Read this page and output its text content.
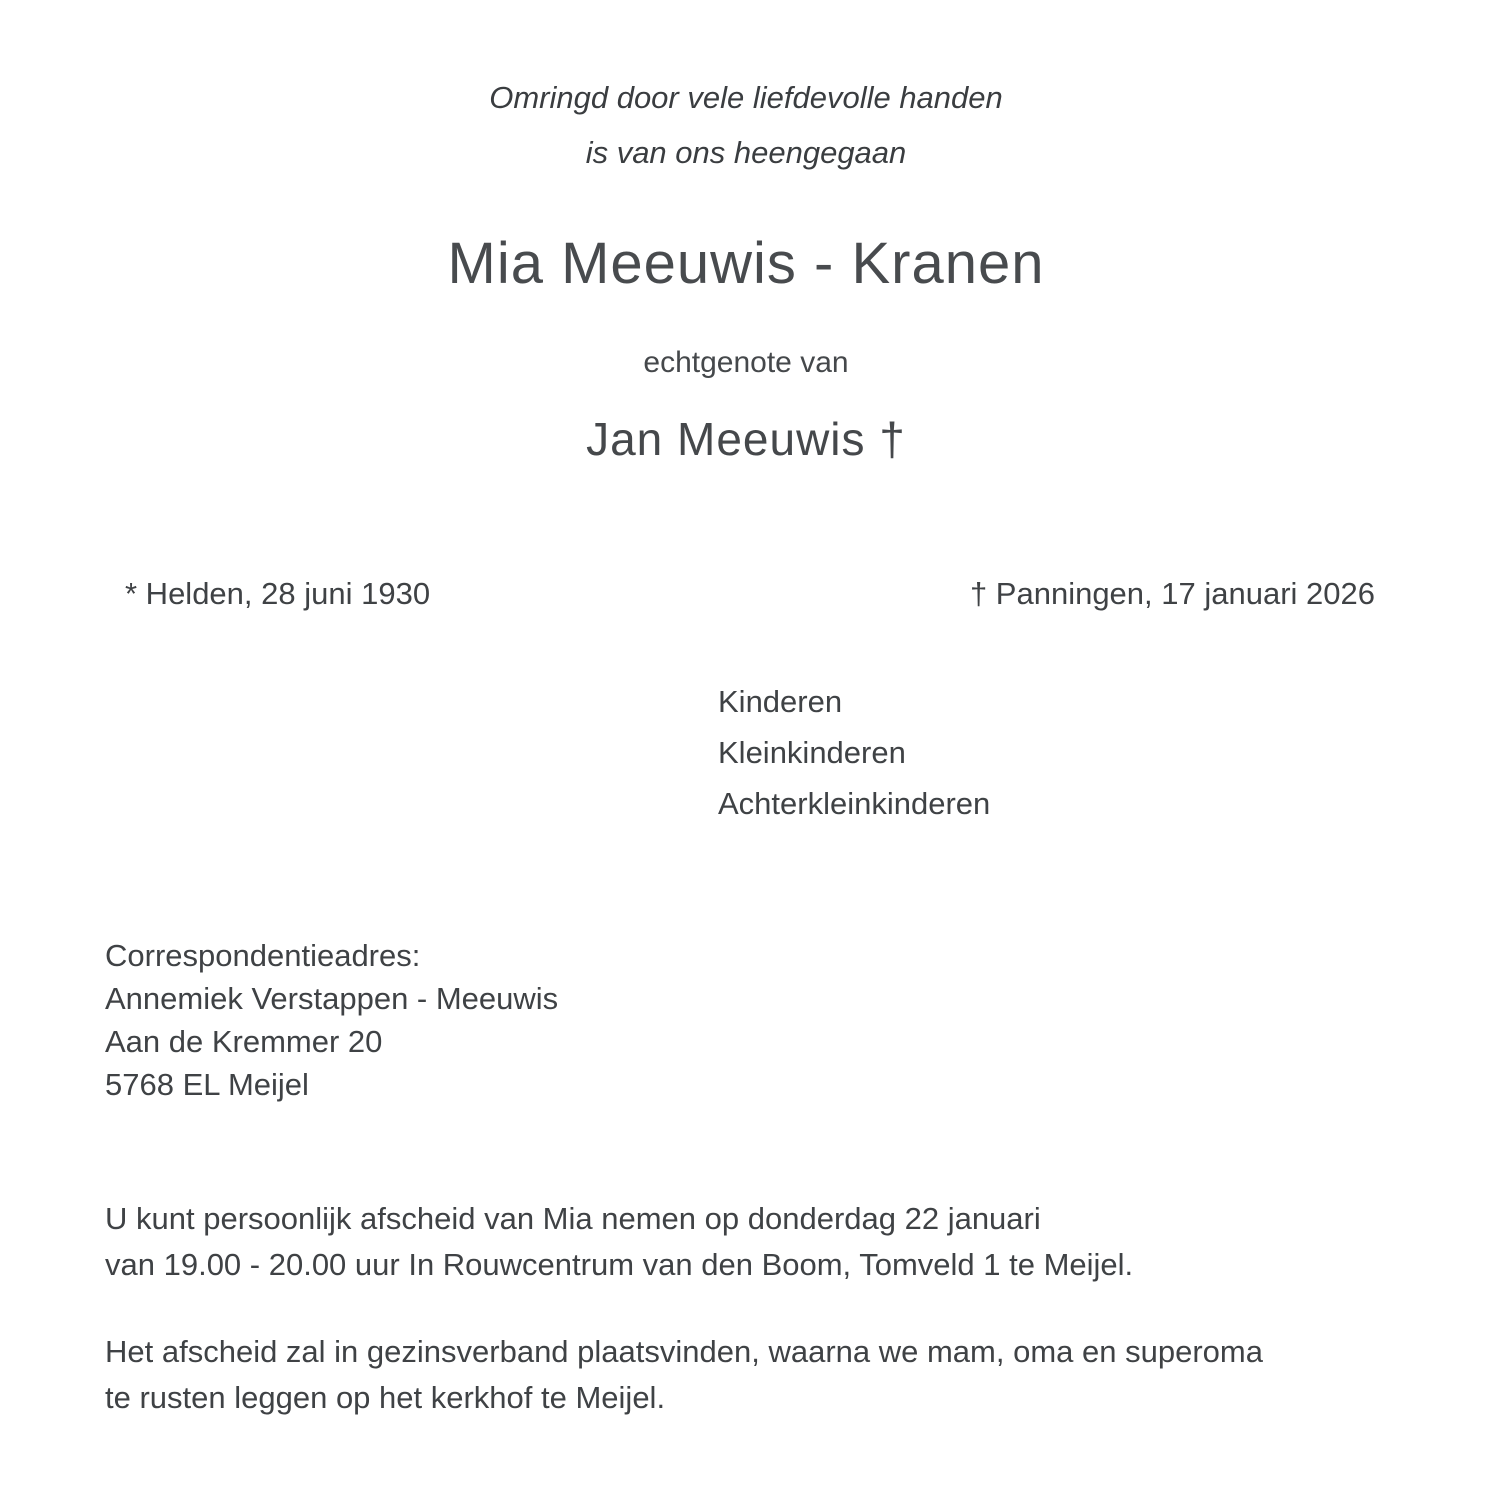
Omringd door vele liefdevolle handen
is van ons heengegaan
Mia Meeuwis - Kranen
echtgenote van
Jan Meeuwis †
* Helden, 28 juni 1930	† Panningen, 17 januari 2026
Kinderen
Kleinkinderen
Achterkleinkinderen
Correspondentieadres:
Annemiek Verstappen - Meeuwis
Aan de Kremmer 20
5768 EL Meijel
U kunt persoonlijk afscheid van Mia nemen op donderdag 22 januari
van 19.00 - 20.00 uur In Rouwcentrum van den Boom, Tomveld 1 te Meijel.
Het afscheid zal in gezinsverband plaatsvinden, waarna we mam, oma en superoma
te rusten leggen op het kerkhof te Meijel.
